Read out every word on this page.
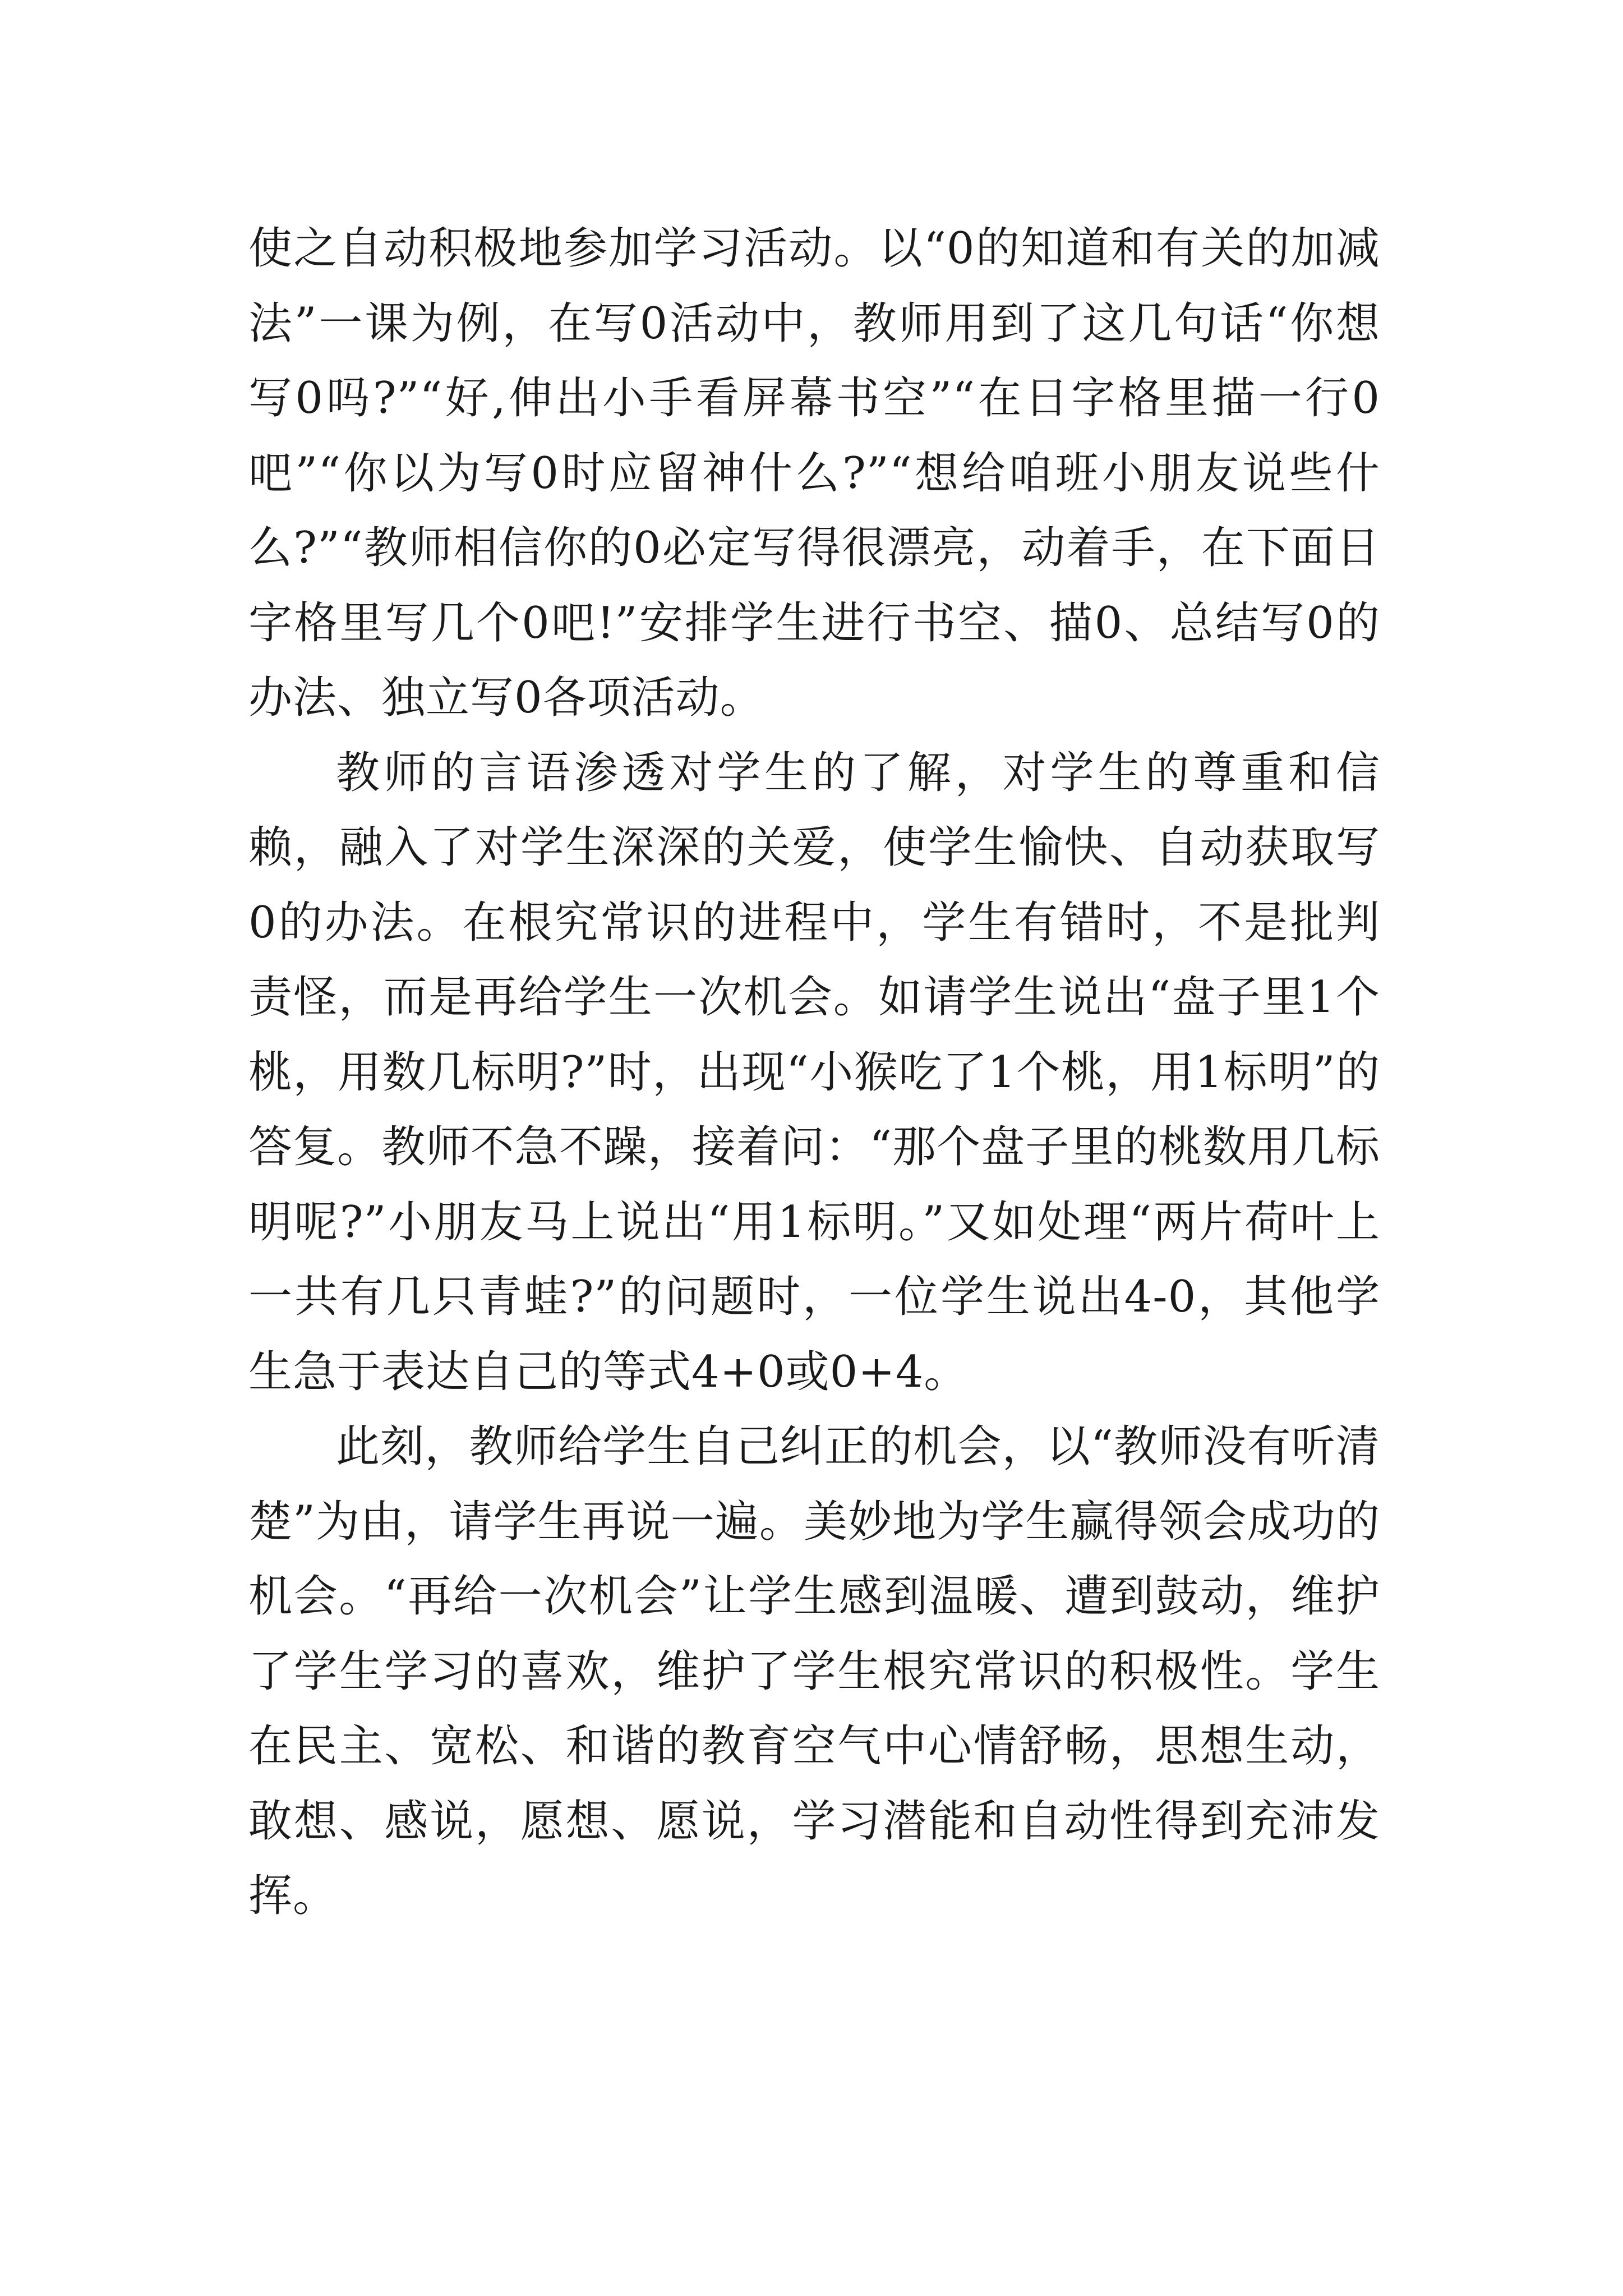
使之自动积极地参加学习活动。以“0的知道和有关的加减法”一课为例，在写0活动中，教师用到了这几句话“你想写0吗?”“好,伸出小手看屏幕书空”“在日字格里描一行0吧”“你以为写0时应留神什么?”“想给咱班小朋友说些什么?”“教师相信你的0必定写得很漂亮，动着手，在下面日字格里写几个0吧!”安排学生进行书空、描0、总结写0的办法、独立写0各项活动。

教师的言语渗透对学生的了解，对学生的尊重和信赖，融入了对学生深深的关爱，使学生愉快、自动获取写0的办法。在根究常识的进程中，学生有错时，不是批判责怪，而是再给学生一次机会。如请学生说出“盘子里1个桃，用数几标明?”时，出现“小猴吃了1个桃，用1标明”的答复。教师不急不躁，接着问：“那个盘子里的桃数用几标明呢?”小朋友马上说出“用1标明。”又如处理“两片荷叶上一共有几只青蛙?”的问题时，一位学生说出4-0，其他学生急于表达自己的等式4+0或0+4。

此刻，教师给学生自己纠正的机会，以“教师没有听清楚”为由，请学生再说一遍。美妙地为学生赢得领会成功的机会。“再给一次机会”让学生感到温暖、遭到鼓动，维护了学生学习的喜欢，维护了学生根究常识的积极性。学生在民主、宽松、和谐的教育空气中心情舒畅，思想生动，敢想、感说，愿想、愿说，学习潜能和自动性得到充沛发挥。
